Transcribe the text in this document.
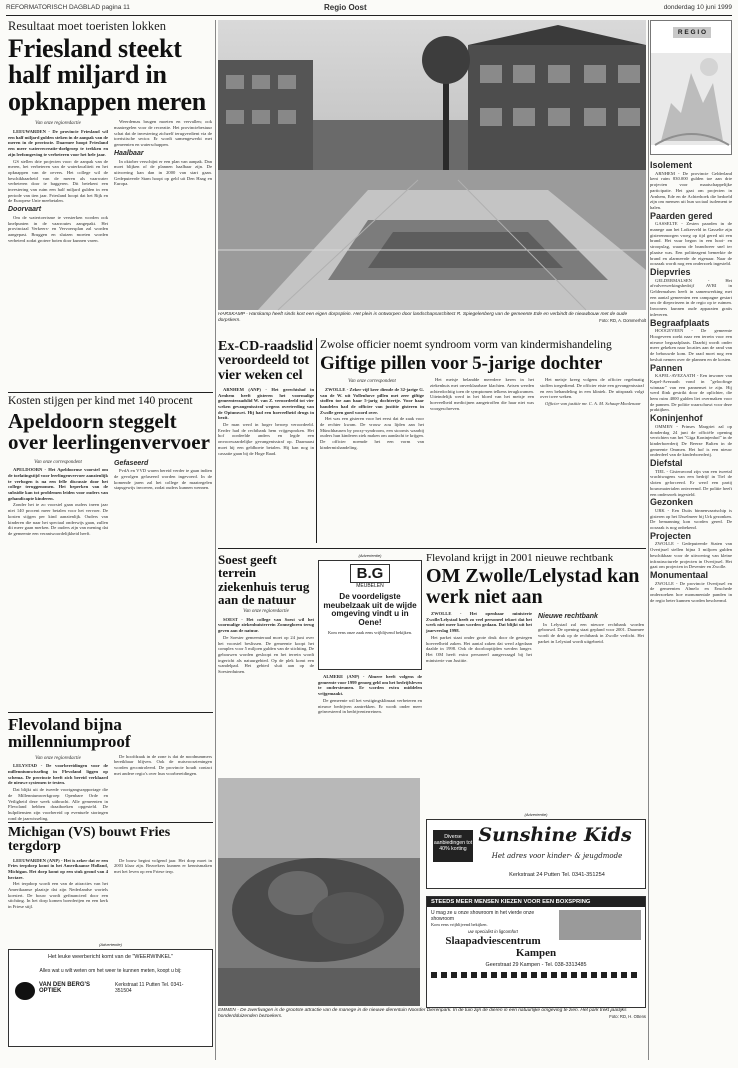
REFORMATORISCH DAGBLAD pagina 11	Regio Oost	donderdag 10 juni 1999
Resultaat moet toeristen lokken
Friesland steekt half miljard in opknappen meren
Van onze regioredactie

LEEUWARDEN - De provincie Friesland wil een half miljard gulden steken in de aanpak van de meren in de provincie. Daarmee hoopt Friesland een meer waterrecreatie-doelgroep te trekken en zijn leefomgeving te verbeteren voor het hele jaar.

GS stellen drie projecten voor: de aanpak van de meren, het verbeteren van de waterkwaliteit en het opknappen van de oevers. Het college wil de beschikbaarheid van de meren als vaarwater verbeteren door te baggeren. Dit betekent een investering van ruim een half miljard gulden in een periode van tien jaar. Friesland hoopt dat het Rijk en de Europese Unie meebetalen.

Doorvaart

Om de watertoerisme te versterken worden ook knelpunten in de vaarroutes aangepakt. Het provinciaal Verkeers- en Vervoersplan zal worden aangepast. Bruggen en sluizen moeten worden verbeterd zodat grotere boten door kunnen varen.

Weerdemas brugen moeten en vervallen; ook maatregelen voor de recreatie. Het provinciebestuur schat dat de investering zichzelf terugverdient via de toeristische sector. Er wordt samengewerkt met gemeenten en waterschappen.

Haalbaar

In oktober verschijnt er een plan van aanpak. Dan moet blijken of de plannen haalbaar zijn. De uitvoering kan dan in 2000 van start gaan. Gedeputeerde Stam hoopt op geld uit Den Haag en Europa.

HARSKAMP - Harskamp heeft sinds kort een eigen dorpsplein. Het plein is ontworpen door landschapsarchitect R. Spiegelenberg van de gemeente Ede en verbindt de nieuwbouw met de oude dorpskern.	Foto: RD, A. Dommerholt
R E G I O
Isolement

ARNHEM - De provincie Gelderland kent ruim 830.000 gulden toe aan drie projecten voor maatschappelijke participatie. Het gaat om projecten in Arnhem, Ede en de Achterhoek die bedoeld zijn om mensen uit hun sociaal isolement te halen.

Paarden gered

GASSELTE - Zesten paarden in de manege aan het Loikerveld in Gasselte zijn gisterenmorgen vroeg op tijd gered uit een brand. Het vuur begon in een hooi- en stroopslag, waarna de brandweer snel ter plaatse was. Een politieagent bemerkte de brand en alarmeerde de eigenaar. Naar de oorzaak wordt nog een onderzoek ingesteld.

Diepvries

GELDERMALSEN - Het afvalverwerkingsbedrijf AVRI in Geldermalsen heeft in samenwerking met een aantal gemeenten een campagne gestart om de diepvriezen in de regio op te ruimen. Inwoners kunnen oude apparaten gratis inleveren.

Begraafplaats

HOOGEVEEN - De gemeente Hoogeveen zoekt naar een terrein voor een nieuwe begraafplaats. Daarbij wordt onder meer gekeken naar locaties aan de rand van de bebouwde kom. De raad moet nog een besluit nemen over de plannen en de kosten.

Pannen

KAPEL-AVEZAATH - Een inwoner van Kapel-Avezaath vond in "geloofinge winnaar" van een pannenset te zijn. Hij werd flink gestrikt door de oplichter, die hem ruim 4000 gulden liet overmaken voor de pannen. De politie waarschuwt voor deze praktijken.

Koninjenhof

OMMEN - Prinses Margriet zal op donderdag 24 juni de officiële opening verrichten van het "Giga Koninjenhof" in de kinderboerderij De Beerze Bulten in de gemeente Ommen. Het hof is een nieuw onderdeel van de kinderboerderij.

Diefstal

TIEL - Gisteravond zijn van een tweetal vrachtwagens van een bedrijf in Tiel de sloten geforceerd. Er werd een partij bouwmaterialen ontvreemd. De politie heeft een onderzoek ingesteld.

Gezonken

URK - Een Duits binnenvaartschip is gisteren op het IJsselmeer bij Urk gezonken. De bemanning kon worden gered. De oorzaak is nog onbekend.

Projecten

ZWOLLE - Gedeputeerde Staten van Overijssel stellen bijna 3 miljoen gulden beschikbaar voor de uitvoering van kleine infrastructurele projecten in Overijssel. Het gaat om projecten in Deventer en Zwolle.

Monumentaal

ZWOLLE - De provincie Overijssel en de gemeenten Almelo en Enschede onderzoeken hoe monumentale panden in de regio beter kunnen worden beschermd.

Ex-CD-raadslid veroordeeld tot vier weken cel

ARNHEM (ANP) - Het gerechtshof in Arnhem heeft gisteren het voormalige gemeenteraadslid W. van Z. veroordeeld tot vier weken gevangenisstraf wegens overtreding van de Opiumwet. Hij had een hoeveelheid drugs in bezit.

De man werd in hoger beroep veroordeeld. Eerder had de rechtbank hem vrijgesproken. Het hof oordeelde anders en legde een onvoorwaardelijke gevangenisstraf op. Daarnaast moet hij een geldboete betalen. Hij kan nog in cassatie gaan bij de Hoge Raad.

Zwolse officier noemt syndroom vorm van kindermishandeling
Giftige pillen voor 5-jarige dochter
Van onze correspondent

ZWOLLE - Zeker vijf keer diende de 32-jarige G. van de W. uit Vollenhove pillen met zeer giftige stoffen toe aan haar 5-jarig dochtertje. Voor haar handelen had de officier van justitie gisteren in Zwolle geen goed woord over.

Het was een gisteren voor het eerst dat de zaak voor de rechter kwam. De vrouw zou lijden aan het Münchhausen by proxy-syndroom, een stoornis waarbij ouders hun kinderen ziek maken om aandacht te krijgen. De officier noemde het een vorm van kindermishandeling.

Het meisje belandde meerdere keren in het ziekenhuis met onverklaarbare klachten. Artsen werden achterdochtig toen de symptomen telkens terugkwamen. Uiteindelijk werd in het bloed van het meisje een hoeveelheid medicijnen aangetroffen die haar niet was voorgeschreven.

Het meisje kreeg volgens de officier regelmatig stoffen toegediend. De officier eiste een gevangenisstraf en een behandeling in een kliniek. De uitspraak volgt over twee weken.

Officier van justitie mr. C. A. M. Schaap-Moolenaar

Kosten stijgen per kind met 140 procent
Apeldoorn steggelt over leerlingenvervoer
Van onze correspondent

APELDOORN - Het Apeldoornse voorstel om de toelatingstijd voor leerlingenvervoer aanzienlijk te verhogen is na een felle discussie door het college teruggenomen. Het beperken van de subsidie kan tot problemen leiden voor ouders van gehandicapte kinderen.

Zonder het te zo voorstel gaan ouders ineen jaar niet 140 procent meer betalen voor het vervoer. De kosten stijgen per kind aanzienlijk. Ouders van kinderen die naar het speciaal onderwijs gaan, zullen dit meer gaan merken. De ouders zijn van mening dat de gemeente een verantwoordelijkheid heeft.

Gefaseerd

PvdA en VVD waren bereid verder te gaan indien de gevolgen gefaseerd worden ingevoerd. In de komende jaren zal het college de maatregelen stapsgewijs invoeren, zodat ouders kunnen wennen.

Soest geeft terrein ziekenhuis terug aan de natuur
Van onze regioredactie

SOEST - Het college van Soest wil het voormalige ziekenhuisterrein Zonnegloren terug geven aan de natuur.

De Soester gemeenteraad moet op 24 juni over het voorstel beslissen. De gemeente koopt het complex voor 5 miljoen gulden van de stichting. De gebouwen worden gesloopt en het terrein wordt ingericht als natuurgebied. Op de plek komt een wandelpad. Het gebied sluit aan op de Soesterduinen.

(Advertentie)
B.G
MEUBELEN
De voordeligste meubelzaak uit de wijde omgeving vindt u in Oene!
Kom eens onze zaak eens vrijblijvend bekijken.

ALMERE (ANP) - Almere heeft volgens de gemeente voor 1999 genoeg geld om het bedrijfsleven te ondersteunen. Er worden extra middelen vrijgemaakt.

De gemeente wil het vestigingsklimaat verbeteren en nieuwe bedrijven aantrekken. Er wordt onder meer geïnvesteerd in bedrijventerreinen.

Flevoland krijgt in 2001 nieuwe rechtbank
OM Zwolle/Lelystad kan werk niet aan

ZWOLLE - Het openbaar ministerie Zwolle/Lelystad heeft zo veel personeel tekort dat het werk niet meer kan worden gedaan. Dat blijkt uit het jaarverslag 1998.

Het parket staat onder grote druk door de gestegen hoeveelheid zaken. Het aantal zaken dat werd afgedaan daalde in 1998. Ook de doorlooptijden werden langer. Het OM heeft extra personeel aangevraagd bij het ministerie van Justitie.

Nieuwe rechtbank

In Lelystad zal een nieuwe rechtbank worden gebouwd. De opening staat gepland voor 2001. Daarmee wordt de druk op de rechtbank in Zwolle verlicht. Het parket in Lelystad wordt uitgebreid.

Flevoland bijna millenniumproof
Van onze regioredactie

LELYSTAD - De voorbereidingen voor de millenniumwisseling in Flevoland liggen op schema. De provincie heeft zich bereid verklaard de nieuwe systemen te testen.

Dat blijkt uit de tweede voortgangsrapportage die de Millenniumwerkgroep Openbare Orde en Veiligheid deze week uitbracht. Alle gemeenten in Flevoland hebben draaiboeken opgesteld. De hulpdiensten zijn voorbereid op eventuele storingen rond de jaarwisseling.

De hoofdzaak in de zone is dat de noodnummers bereikbaar blijven. Ook de nutsvoorzieningen worden gecontroleerd. De provincie houdt contact met andere regio's over hun voorbereidingen.

Michigan (VS) bouwt Fries tergdorp

LEEUWARDEN (ANP) - Het is zeker dat er een Fries terpdorp komt in het Amerikaanse Holland, Michigan. Het dorp komt op een stuk grond van 4 hectare.

Het terpdorp wordt een van de attracties van het Amerikaanse plaatsje dat zijn Nederlandse wortels koestert. De bouw wordt gefinancierd door een stichting. In het dorp komen boerderijen en een kerk in Friese stijl.

De bouw begint volgend jaar. Het dorp moet in 2003 klaar zijn. Bezoekers kunnen er kennismaken met het leven op een Friese terp.

(Advertentie)
Het leuke weerbericht komt van de "WEERWINKEL"
Alles wat u wilt weten om het weer te kunnen meten, koopt u bij:
VAN DEN BERG'S OPTIEK
Kerkstraat 11 Putten Tel. 0341-351504
EMMEN - De zwerfwagen is de grootste attractie van de manege in de nieuwe dierentuin Noorder Dierenpark. In de tuin zijn de dieren in een natuurlijke omgeving te zien. Het park trekt jaarlijks honderdduizenden bezoekers.	Foto: RD, H. Ottens
(Advertentie)
Sunshine Kids
Diverse aanbiedingen tot 40% korting
Het adres voor kinder- & jeugdmode
Kerkstraat 24 Putten Tel. 0341-351254
STEEDS MEER MENSEN KIEZEN VOOR EEN BOXSPRING
U mag ze u onze showroom in het vierde onze showroom
Kom eens vrijblijvend bekijken.
uw specialist in ligcomfort
Slaapadviescentrum Kampen
Geerstraat 29 Kampen - Tel. 038-3313485
